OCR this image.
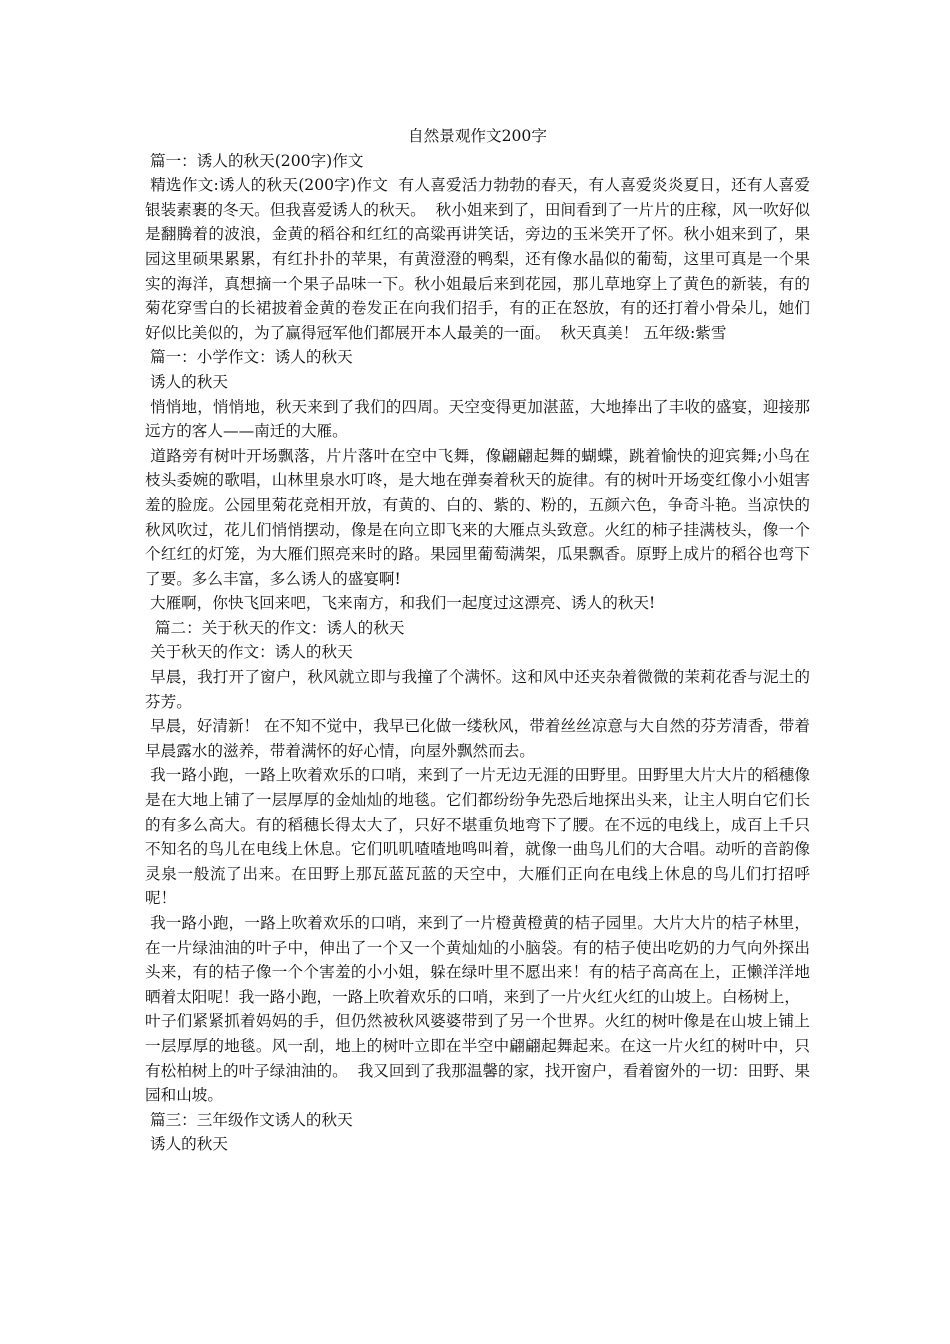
自然景观作文200字

篇一：诱人的秋天(200字)作文

精选作文:诱人的秋天(200字)作文  有人喜爱活力勃勃的春天，有人喜爱炎炎夏日，还有人喜爱银装素裹的冬天。但我喜爱诱人的秋天。  秋小姐来到了，田间看到了一片片的庄稼，风一吹好似是翻腾着的波浪，金黄的稻谷和红红的高粱再讲笑话，旁边的玉米笑开了怀。秋小姐来到了，果园这里硕果累累，有红扑扑的苹果，有黄澄澄的鸭梨，还有像水晶似的葡萄，这里可真是一个果实的海洋，真想摘一个果子品味一下。秋小姐最后来到花园，那儿草地穿上了黄色的新装，有的菊花穿雪白的长裙披着金黄的卷发正在向我们招手，有的正在怒放，有的还打着小骨朵儿，她们好似比美似的，为了赢得冠军他们都展开本人最美的一面。  秋天真美！ 五年级:紫雪

篇一：小学作文：诱人的秋天

诱人的秋天

悄悄地，悄悄地，秋天来到了我们的四周。天空变得更加湛蓝，大地捧出了丰收的盛宴，迎接那远方的客人——南迁的大雁。

道路旁有树叶开场飘落，片片落叶在空中飞舞，像翩翩起舞的蝴蝶，跳着愉快的迎宾舞;小鸟在枝头委婉的歌唱，山林里泉水叮咚，是大地在弹奏着秋天的旋律。有的树叶开场变红像小小姐害羞的脸庞。公园里菊花竞相开放，有黄的、白的、紫的、粉的，五颜六色，争奇斗艳。当凉快的秋风吹过，花儿们悄悄摆动，像是在向立即飞来的大雁点头致意。火红的柿子挂满枝头，像一个个红红的灯笼，为大雁们照亮来时的路。果园里葡萄满架，瓜果飘香。原野上成片的稻谷也弯下了要。多么丰富，多么诱人的盛宴啊!

大雁啊，你快飞回来吧，飞来南方，和我们一起度过这漂亮、诱人的秋天!

篇二：关于秋天的作文：诱人的秋天

关于秋天的作文：诱人的秋天

早晨，我打开了窗户，秋风就立即与我撞了个满怀。这和风中还夹杂着微微的茉莉花香与泥土的芬芳。

早晨，好清新！ 在不知不觉中，我早已化做一缕秋风，带着丝丝凉意与大自然的芬芳清香，带着早晨露水的滋养，带着满怀的好心情，向屋外飘然而去。

我一路小跑，一路上吹着欢乐的口哨，来到了一片无边无涯的田野里。田野里大片大片的稻穗像是在大地上铺了一层厚厚的金灿灿的地毯。它们都纷纷争先恐后地探出头来，让主人明白它们长的有多么高大。有的稻穗长得太大了，只好不堪重负地弯下了腰。在不远的电线上，成百上千只不知名的鸟儿在电线上休息。它们叽叽喳喳地鸣叫着，就像一曲鸟儿们的大合唱。动听的音韵像灵泉一般流了出来。在田野上那瓦蓝瓦蓝的天空中，大雁们正向在电线上休息的鸟儿们打招呼呢！

我一路小跑，一路上吹着欢乐的口哨，来到了一片橙黄橙黄的桔子园里。大片大片的桔子林里，在一片绿油油的叶子中，伸出了一个又一个黄灿灿的小脑袋。有的桔子使出吃奶的力气向外探出头来，有的桔子像一个个害羞的小小姐，躲在绿叶里不愿出来！有的桔子高高在上，正懒洋洋地晒着太阳呢！我一路小跑，一路上吹着欢乐的口哨，来到了一片火红火红的山坡上。白杨树上，

叶子们紧紧抓着妈妈的手，但仍然被秋风婆婆带到了另一个世界。火红的树叶像是在山坡上铺上一层厚厚的地毯。风一刮，地上的树叶立即在半空中翩翩起舞起来。在这一片火红的树叶中，只有松柏树上的叶子绿油油的。  我又回到了我那温馨的家，找开窗户，看着窗外的一切：田野、果园和山坡。

篇三：三年级作文诱人的秋天

诱人的秋天
